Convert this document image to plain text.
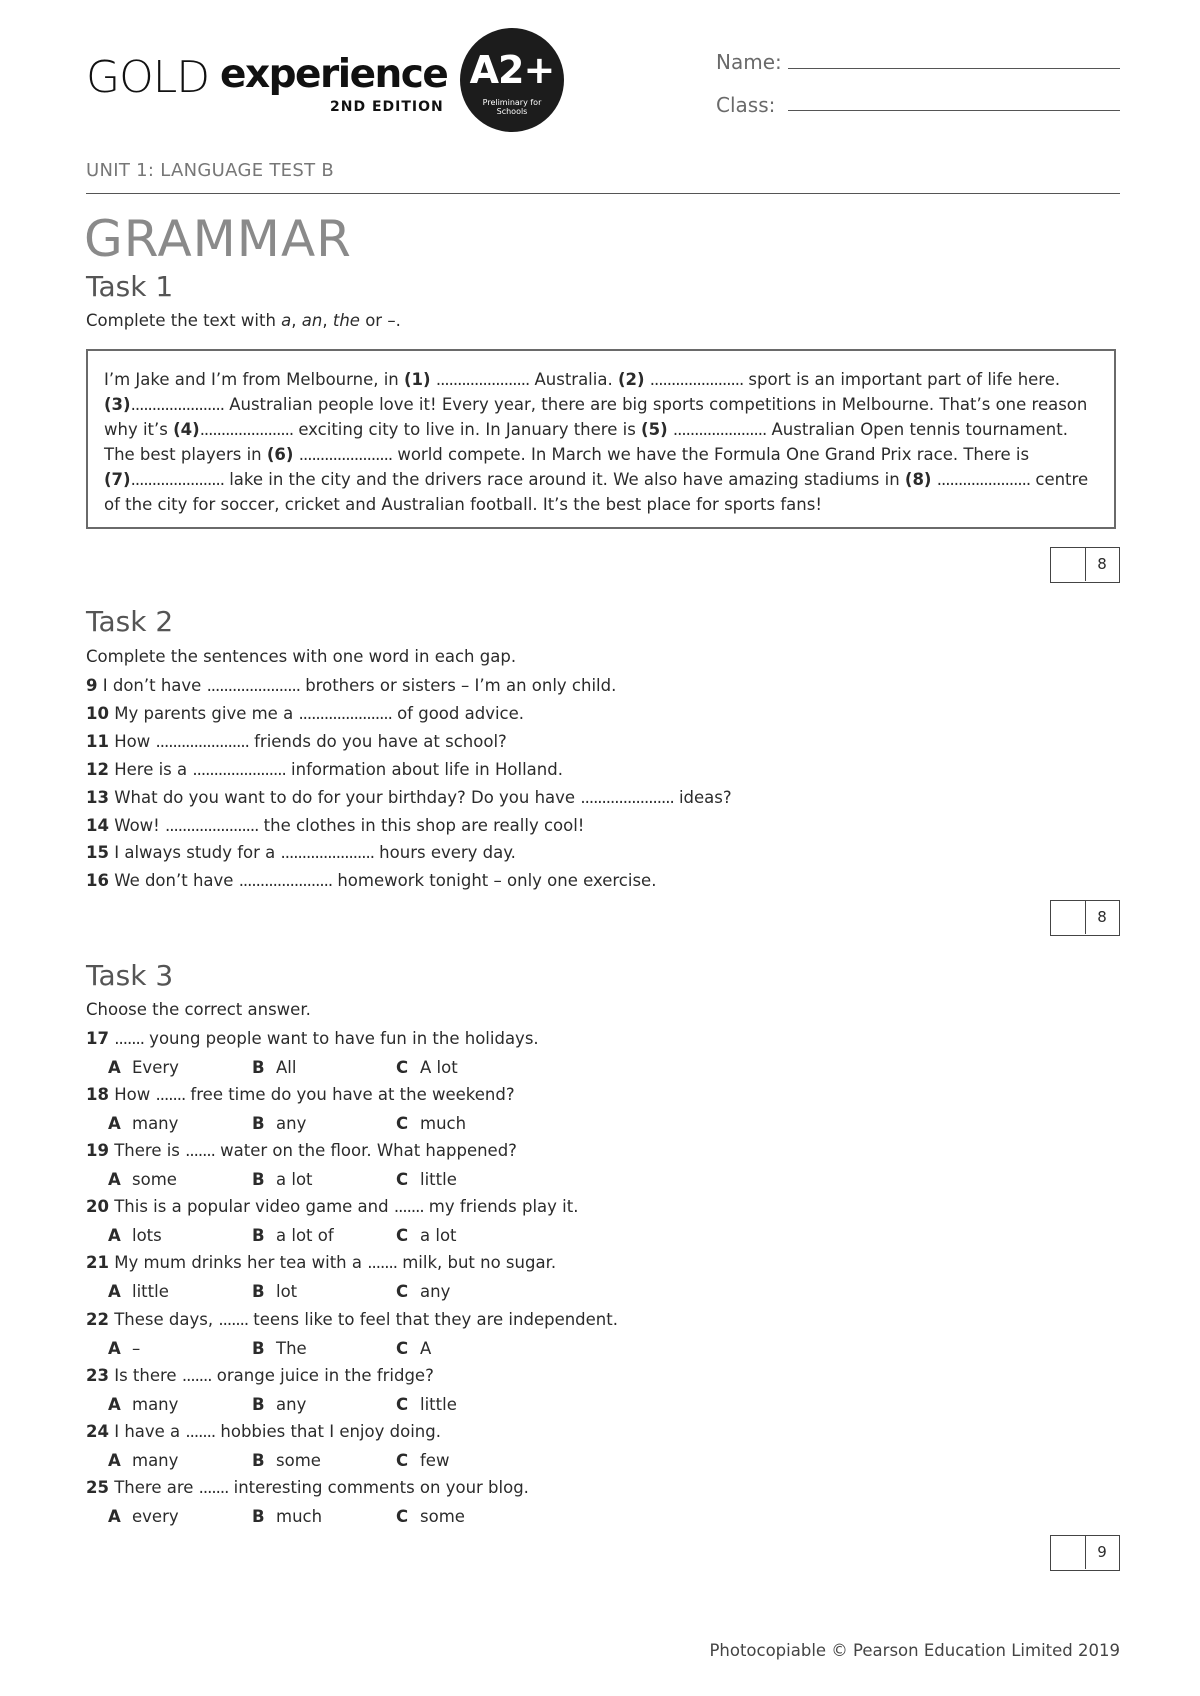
GOLD experience
2ND EDITION
A2+
Preliminary for Schools
Name:
Class:
UNIT 1: LANGUAGE TEST B
GRAMMAR
Task 1
Complete the text with a, an, the or –.
I’m Jake and I’m from Melbourne, in (1) ...................... Australia. (2) ...................... sport is an important part of life here. (3)...................... Australian people love it! Every year, there are big sports competitions in Melbourne. That’s one reason why it’s (4)...................... exciting city to live in. In January there is (5) ...................... Australian Open tennis tournament. The best players in (6) ...................... world compete. In March we have the Formula One Grand Prix race. There is (7)...................... lake in the city and the drivers race around it. We also have amazing stadiums in (8) ...................... centre of the city for soccer, cricket and Australian football. It’s the best place for sports fans!
8
Task 2
Complete the sentences with one word in each gap.
9 I don’t have ...................... brothers or sisters – I’m an only child.
10 My parents give me a ...................... of good advice.
11 How ...................... friends do you have at school?
12 Here is a ...................... information about life in Holland.
13 What do you want to do for your birthday? Do you have ...................... ideas?
14 Wow! ...................... the clothes in this shop are really cool!
15 I always study for a ...................... hours every day.
16 We don’t have ...................... homework tonight – only one exercise.
8
Task 3
Choose the correct answer.
17 ....... young people want to have fun in the holidays.
A Every	B All	C A lot
18 How ....... free time do you have at the weekend?
A many	B any	C much
19 There is ....... water on the floor. What happened?
A some	B a lot	C little
20 This is a popular video game and ....... my friends play it.
A lots	B a lot of	C a lot
21 My mum drinks her tea with a ....... milk, but no sugar.
A little	B lot	C any
22 These days, ....... teens like to feel that they are independent.
A –	B The	C A
23 Is there ....... orange juice in the fridge?
A many	B any	C little
24 I have a ....... hobbies that I enjoy doing.
A many	B some	C few
25 There are ....... interesting comments on your blog.
A every	B much	C some
9
Photocopiable © Pearson Education Limited 2019
